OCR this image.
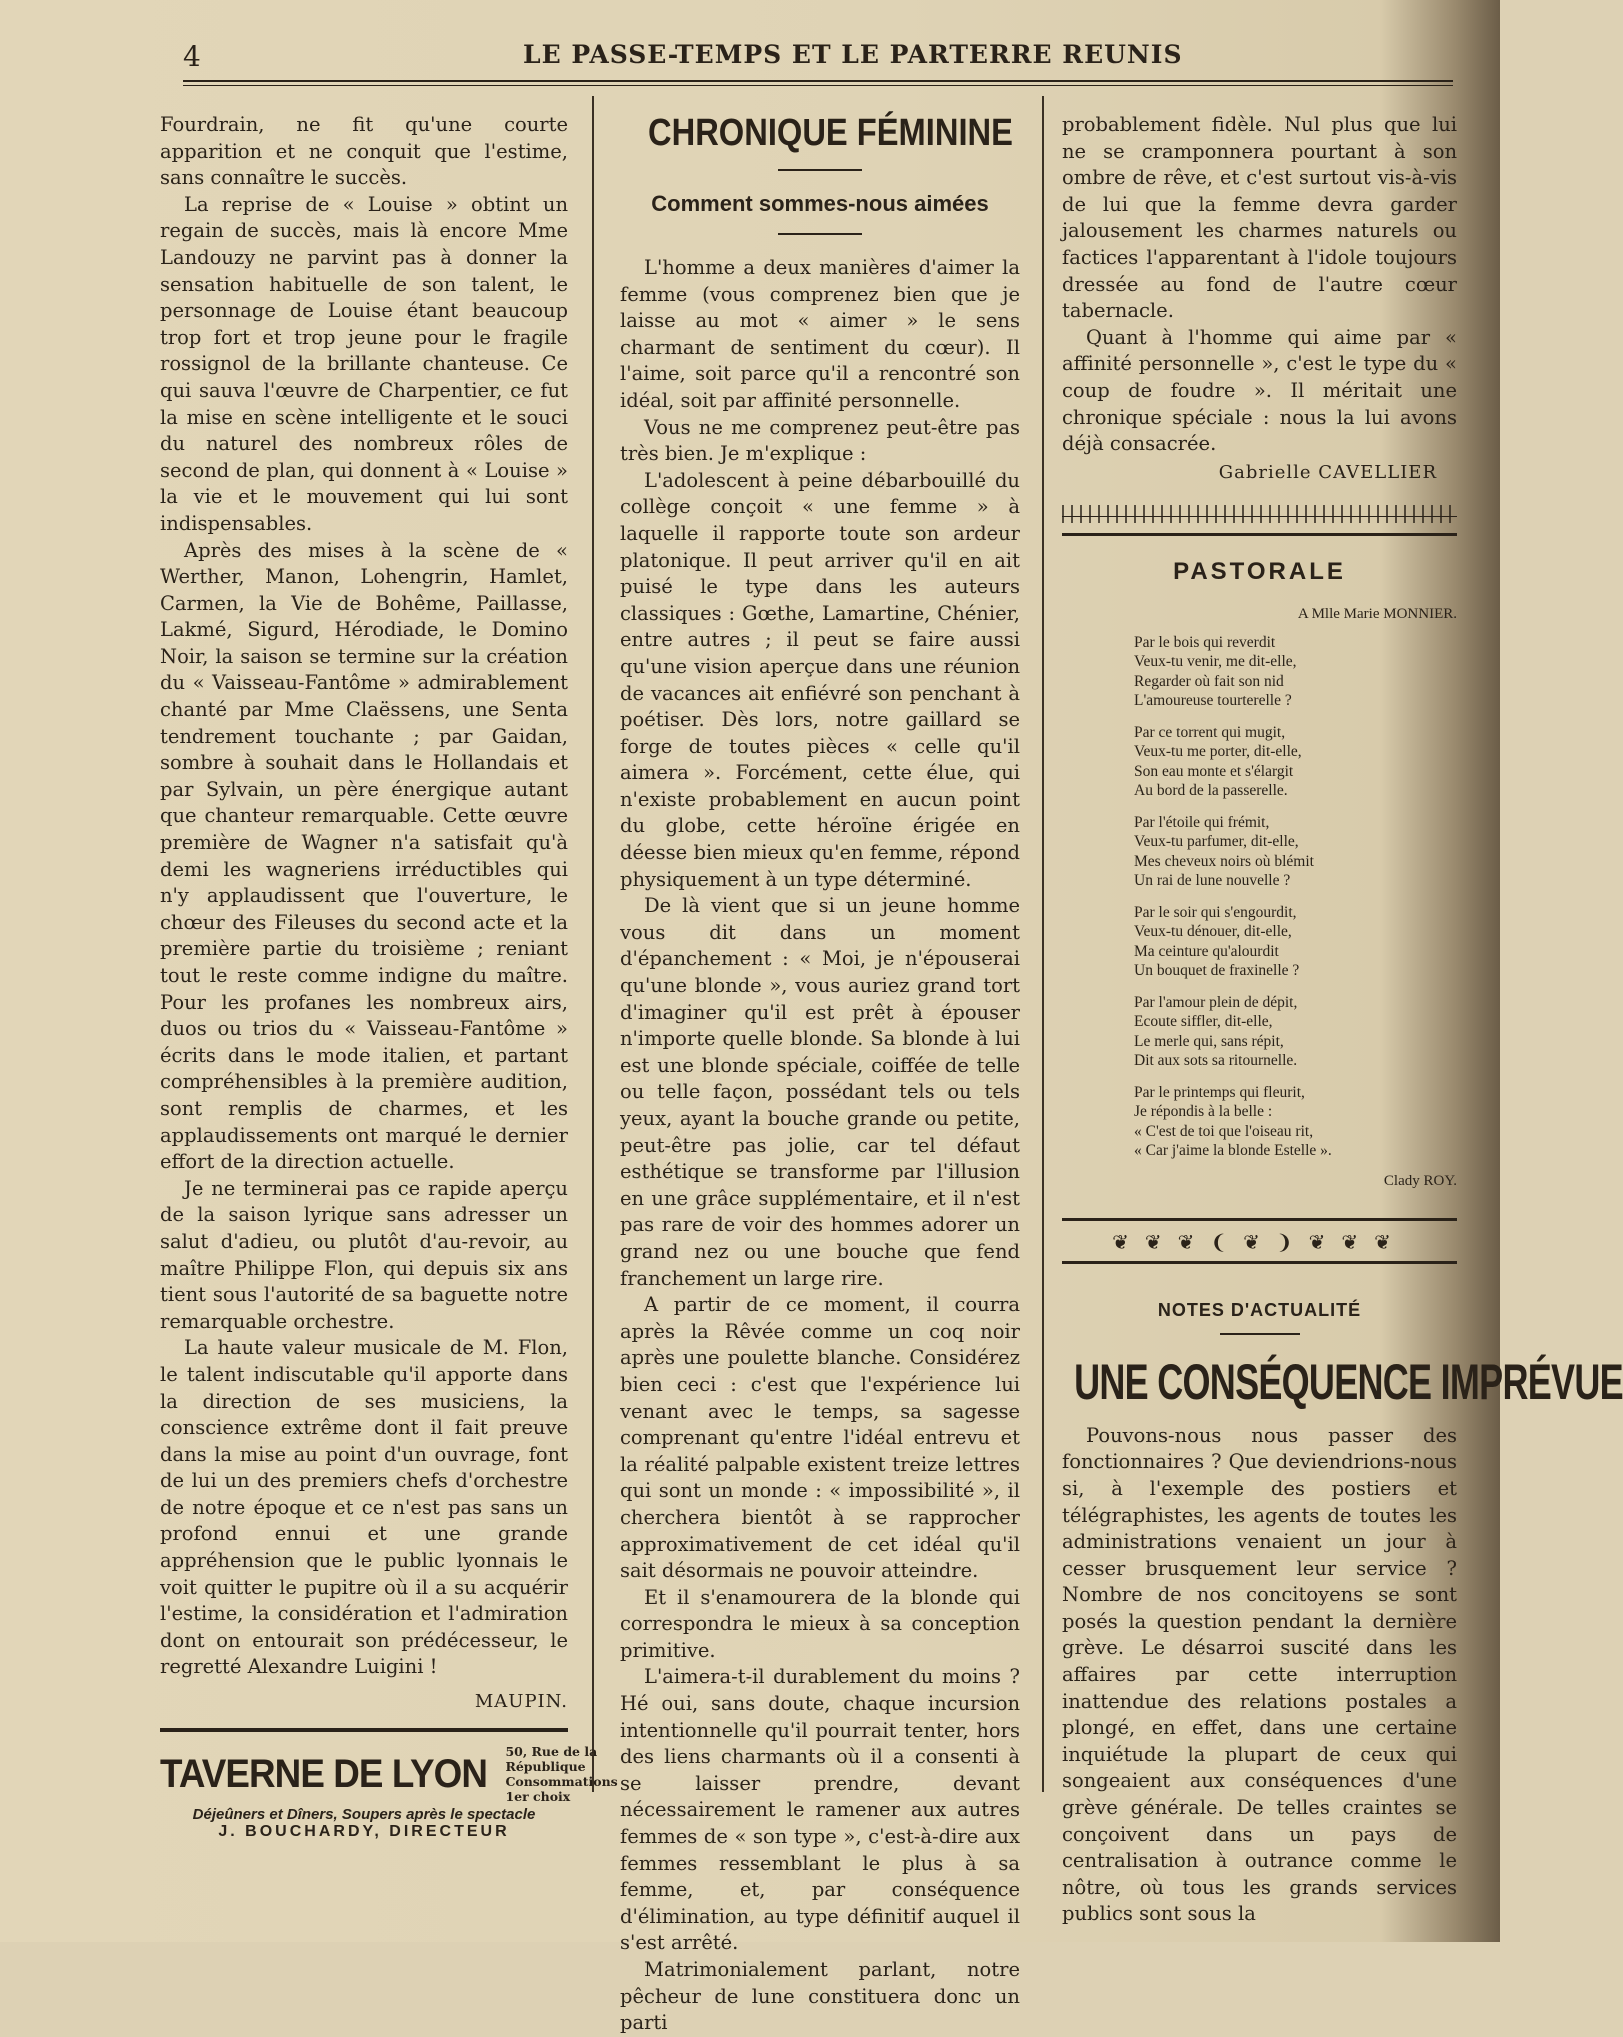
4	LE PASSE-TEMPS ET LE PARTERRE REUNIS

Fourdrain, ne fit qu'une courte apparition et ne conquit que l'estime, sans connaître le succès.

La reprise de « Louise » obtint un regain de succès, mais là encore Mme Landouzy ne parvint pas à donner la sensation habituelle de son talent, le personnage de Louise étant beaucoup trop fort et trop jeune pour le fragile rossignol de la brillante chanteuse. Ce qui sauva l'œuvre de Charpentier, ce fut la mise en scène intelligente et le souci du naturel des nombreux rôles de second de plan, qui donnent à « Louise » la vie et le mouvement qui lui sont indispensables.

Après des mises à la scène de « Werther, Manon, Lohengrin, Hamlet, Carmen, la Vie de Bohême, Paillasse, Lakmé, Sigurd, Hérodiade, le Domino Noir, la saison se termine sur la création du « Vaisseau-Fantôme » admirablement chanté par Mme Claëssens, une Senta tendrement touchante ; par Gaidan, sombre à souhait dans le Hollandais et par Sylvain, un père énergique autant que chanteur remarquable. Cette œuvre première de Wagner n'a satisfait qu'à demi les wagneriens irréductibles qui n'y applaudissent que l'ouverture, le chœur des Fileuses du second acte et la première partie du troisième ; reniant tout le reste comme indigne du maître. Pour les profanes les nombreux airs, duos ou trios du « Vaisseau-Fantôme » écrits dans le mode italien, et partant compréhensibles à la première audition, sont remplis de charmes, et les applaudissements ont marqué le dernier effort de la direction actuelle.

Je ne terminerai pas ce rapide aperçu de la saison lyrique sans adresser un salut d'adieu, ou plutôt d'au-revoir, au maître Philippe Flon, qui depuis six ans tient sous l'autorité de sa baguette notre remarquable orchestre.

La haute valeur musicale de M. Flon, le talent indiscutable qu'il apporte dans la direction de ses musiciens, la conscience extrême dont il fait preuve dans la mise au point d'un ouvrage, font de lui un des premiers chefs d'orchestre de notre époque et ce n'est pas sans un profond ennui et une grande appréhension que le public lyonnais le voit quitter le pupitre où il a su acquérir l'estime, la considération et l'admiration dont on entourait son prédécesseur, le regretté Alexandre Luigini !

MAUPIN.
TAVERNE DE LYON 50, Rue de la République
Consommations 1er choix
Déjeûners et Dîners, Soupers après le spectacle
J. BOUCHARDY, DIRECTEUR
CHRONIQUE FÉMININE
Comment sommes-nous aimées

L'homme a deux manières d'aimer la femme (vous comprenez bien que je laisse au mot « aimer » le sens charmant de sentiment du cœur). Il l'aime, soit parce qu'il a rencontré son idéal, soit par affinité personnelle.

Vous ne me comprenez peut-être pas très bien. Je m'explique :

L'adolescent à peine débarbouillé du collège conçoit « une femme » à laquelle il rapporte toute son ardeur platonique. Il peut arriver qu'il en ait puisé le type dans les auteurs classiques : Gœthe, Lamartine, Chénier, entre autres ; il peut se faire aussi qu'une vision aperçue dans une réunion de vacances ait enfiévré son penchant à poétiser. Dès lors, notre gaillard se forge de toutes pièces « celle qu'il aimera ». Forcément, cette élue, qui n'existe probablement en aucun point du globe, cette héroïne érigée en déesse bien mieux qu'en femme, répond physiquement à un type déterminé.

De là vient que si un jeune homme vous dit dans un moment d'épanchement : « Moi, je n'épouserai qu'une blonde », vous auriez grand tort d'imaginer qu'il est prêt à épouser n'importe quelle blonde. Sa blonde à lui est une blonde spéciale, coiffée de telle ou telle façon, possédant tels ou tels yeux, ayant la bouche grande ou petite, peut-être pas jolie, car tel défaut esthétique se transforme par l'illusion en une grâce supplémentaire, et il n'est pas rare de voir des hommes adorer un grand nez ou une bouche que fend franchement un large rire.

A partir de ce moment, il courra après la Rêvée comme un coq noir après une poulette blanche. Considérez bien ceci : c'est que l'expérience lui venant avec le temps, sa sagesse comprenant qu'entre l'idéal entrevu et la réalité palpable existent treize lettres qui sont un monde : « impossibilité », il cherchera bientôt à se rapprocher approximativement de cet idéal qu'il sait désormais ne pouvoir atteindre.

Et il s'enamourera de la blonde qui correspondra le mieux à sa conception primitive.

L'aimera-t-il durablement du moins ? Hé oui, sans doute, chaque incursion intentionnelle qu'il pourrait tenter, hors des liens charmants où il a consenti à se laisser prendre, devant nécessairement le ramener aux autres femmes de « son type », c'est-à-dire aux femmes ressemblant le plus à sa femme, et, par conséquence d'élimination, au type définitif auquel il s'est arrêté.

Matrimonialement parlant, notre pêcheur de lune constituera donc un parti

probablement fidèle. Nul plus que lui ne se cramponnera pourtant à son ombre de rêve, et c'est surtout vis-à-vis de lui que la femme devra garder jalousement les charmes naturels ou factices l'apparentant à l'idole toujours dressée au fond de l'autre cœur tabernacle.

Quant à l'homme qui aime par « affinité personnelle », c'est le type du « coup de foudre ». Il méritait une chronique spéciale : nous la lui avons déjà consacrée.

Gabrielle CAVELLIER
PASTORALE
A Mlle Marie MONNIER.
Par le bois qui reverdit
Veux-tu venir, me dit-elle,
Regarder où fait son nid
L'amoureuse tourterelle ?
Par ce torrent qui mugit,
Veux-tu me porter, dit-elle,
Son eau monte et s'élargit
Au bord de la passerelle.
Par l'étoile qui frémit,
Veux-tu parfumer, dit-elle,
Mes cheveux noirs où blémit
Un rai de lune nouvelle ?
Par le soir qui s'engourdit,
Veux-tu dénouer, dit-elle,
Ma ceinture qu'alourdit
Un bouquet de fraxinelle ?
Par l'amour plein de dépit,
Ecoute siffler, dit-elle,
Le merle qui, sans répit,
Dit aux sots sa ritournelle.
Par le printemps qui fleurit,
Je répondis à la belle :
« C'est de toi que l'oiseau rit,
« Car j'aime la blonde Estelle ».
Clady ROY.
❦❦❦❨❦❩❦❦❦
NOTES D'ACTUALITÉ
UNE CONSÉQUENCE IMPRÉVUE

Pouvons-nous nous passer des fonctionnaires ? Que deviendrions-nous si, à l'exemple des postiers et télégraphistes, les agents de toutes les administrations venaient un jour à cesser brusquement leur service ? Nombre de nos concitoyens se sont posés la question pendant la dernière grève. Le désarroi suscité dans les affaires par cette interruption inattendue des relations postales a plongé, en effet, dans une certaine inquiétude la plupart de ceux qui songeaient aux conséquences d'une grève générale. De telles craintes se conçoivent dans un pays de centralisation à outrance comme le nôtre, où tous les grands services publics sont sous la
